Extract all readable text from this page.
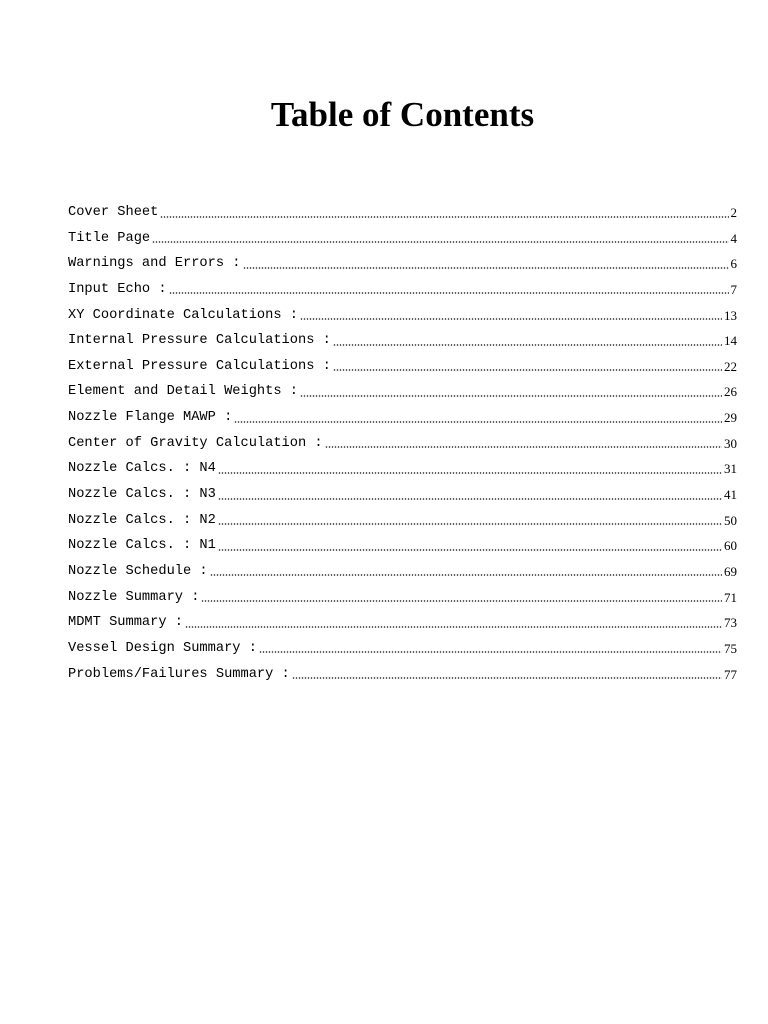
Table of Contents
Cover Sheet	2
Title Page	4
Warnings and Errors :	6
Input Echo :	7
XY Coordinate Calculations :	13
Internal Pressure Calculations :	14
External Pressure Calculations :	22
Element and Detail Weights :	26
Nozzle Flange MAWP :	29
Center of Gravity Calculation :	30
Nozzle Calcs. : N4	31
Nozzle Calcs. : N3	41
Nozzle Calcs. : N2	50
Nozzle Calcs. : N1	60
Nozzle Schedule :	69
Nozzle Summary :	71
MDMT Summary :	73
Vessel Design Summary :	75
Problems/Failures Summary :	77
